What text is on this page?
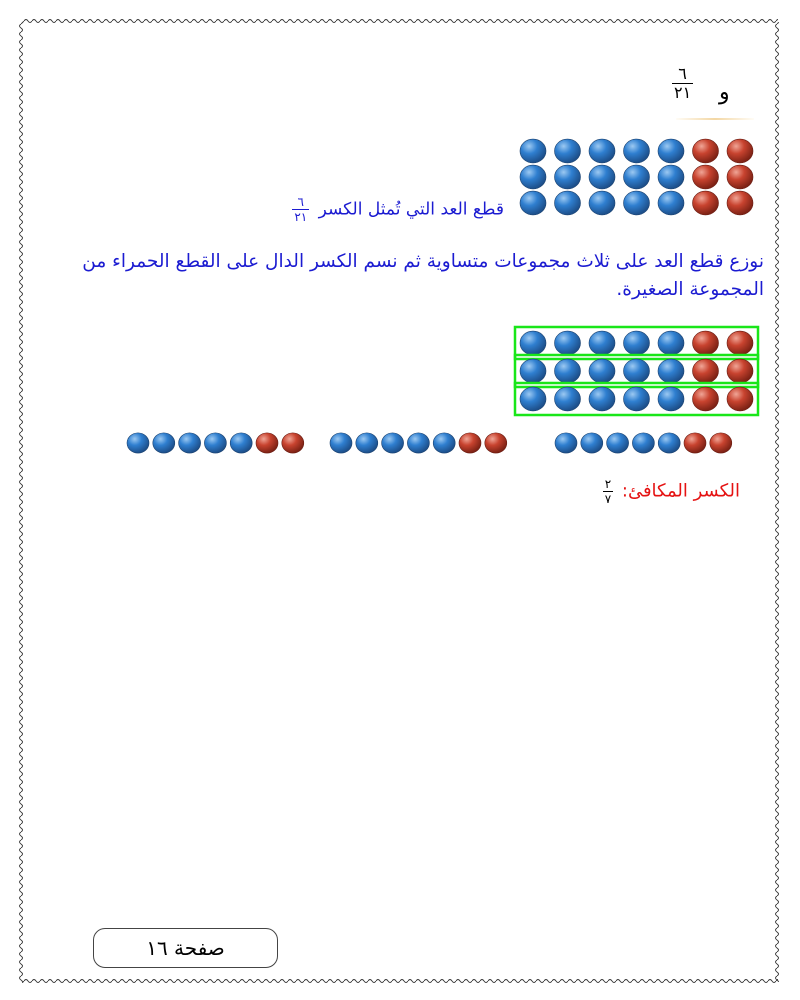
$\frac{٦}{٢١}$ و
قطع العد التي تُمثل الكسر
$\frac{٦}{٢١}$
نوزع قطع العد على ثلاث مجموعات متساوية ثم نسم الكسر الدال على القطع الحمراء من المجموعة الصغيرة.
الكسر المكافئ:
$\frac{٢}{٧}$
صفحة ١٦
